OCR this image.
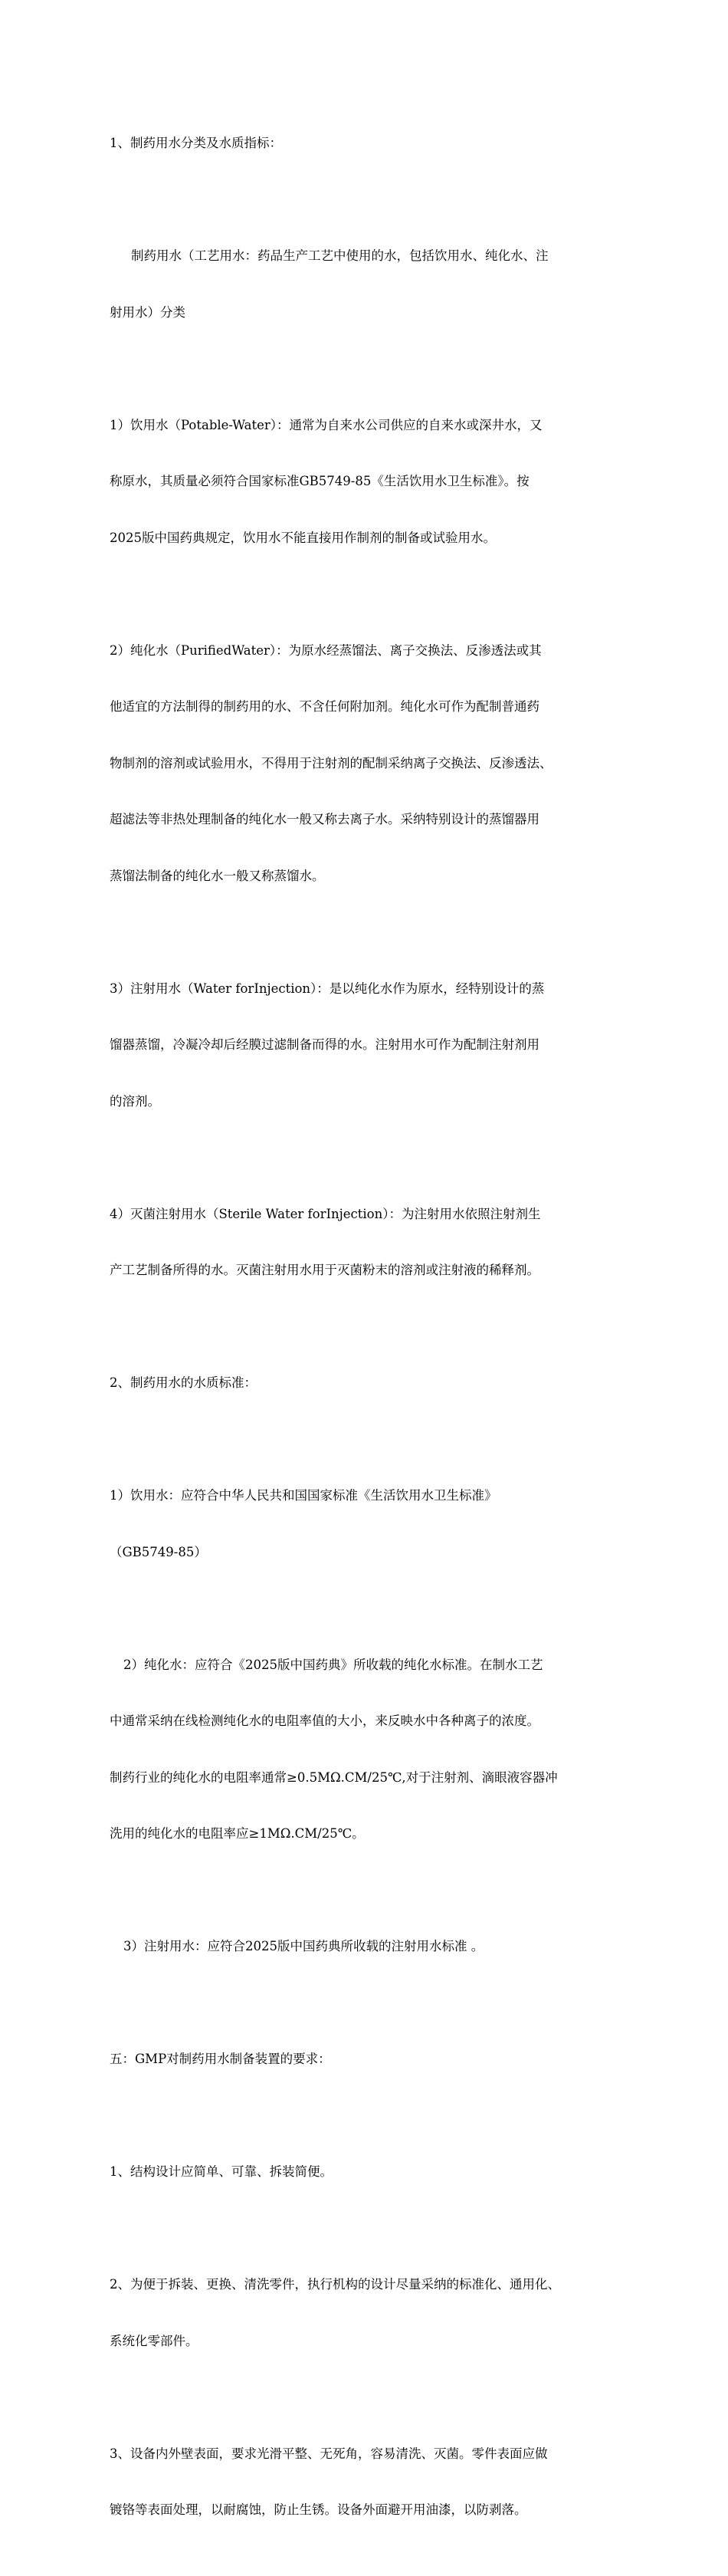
1、制药用水分类及水质指标：

制药用水（工艺用水：药品生产工艺中使用的水，包括饮用水、纯化水、注

射用水）分类

1）饮用水（Potable-Water）：通常为自来水公司供应的自来水或深井水，又

称原水，其质量必须符合国家标准GB5749-85《生活饮用水卫生标准》。按

2025版中国药典规定，饮用水不能直接用作制剂的制备或试验用水。

2）纯化水（PurifiedWater）：为原水经蒸馏法、离子交换法、反渗透法或其

他适宜的方法制得的制药用的水、不含任何附加剂。纯化水可作为配制普通药

物制剂的溶剂或试验用水，不得用于注射剂的配制采纳离子交换法、反渗透法、

超滤法等非热处理制备的纯化水一般又称去离子水。采纳特别设计的蒸馏器用

蒸馏法制备的纯化水一般又称蒸馏水。

3）注射用水（Water forInjection）：是以纯化水作为原水，经特别设计的蒸

馏器蒸馏，冷凝冷却后经膜过滤制备而得的水。注射用水可作为配制注射剂用

的溶剂。

4）灭菌注射用水（Sterile Water forInjection）：为注射用水依照注射剂生

产工艺制备所得的水。灭菌注射用水用于灭菌粉末的溶剂或注射液的稀释剂。

2、制药用水的水质标准：

1）饮用水：应符合中华人民共和国国家标准《生活饮用水卫生标准》

（GB5749-85）

2）纯化水：应符合《2025版中国药典》所收载的纯化水标准。在制水工艺

中通常采纳在线检测纯化水的电阻率值的大小，来反映水中各种离子的浓度。

制药行业的纯化水的电阻率通常≥0.5MΩ.CM/25℃,对于注射剂、滴眼液容器冲

洗用的纯化水的电阻率应≥1MΩ.CM/25℃。

3）注射用水：应符合2025版中国药典所收载的注射用水标准 。

五：GMP对制药用水制备装置的要求：

1、结构设计应简单、可靠、拆装简便。

2、为便于拆装、更换、清洗零件，执行机构的设计尽量采纳的标准化、通用化、

系统化零部件。

3、设备内外壁表面，要求光滑平整、无死角，容易清洗、灭菌。零件表面应做

镀铬等表面处理，以耐腐蚀，防止生锈。设备外面避开用油漆，以防剥落。
